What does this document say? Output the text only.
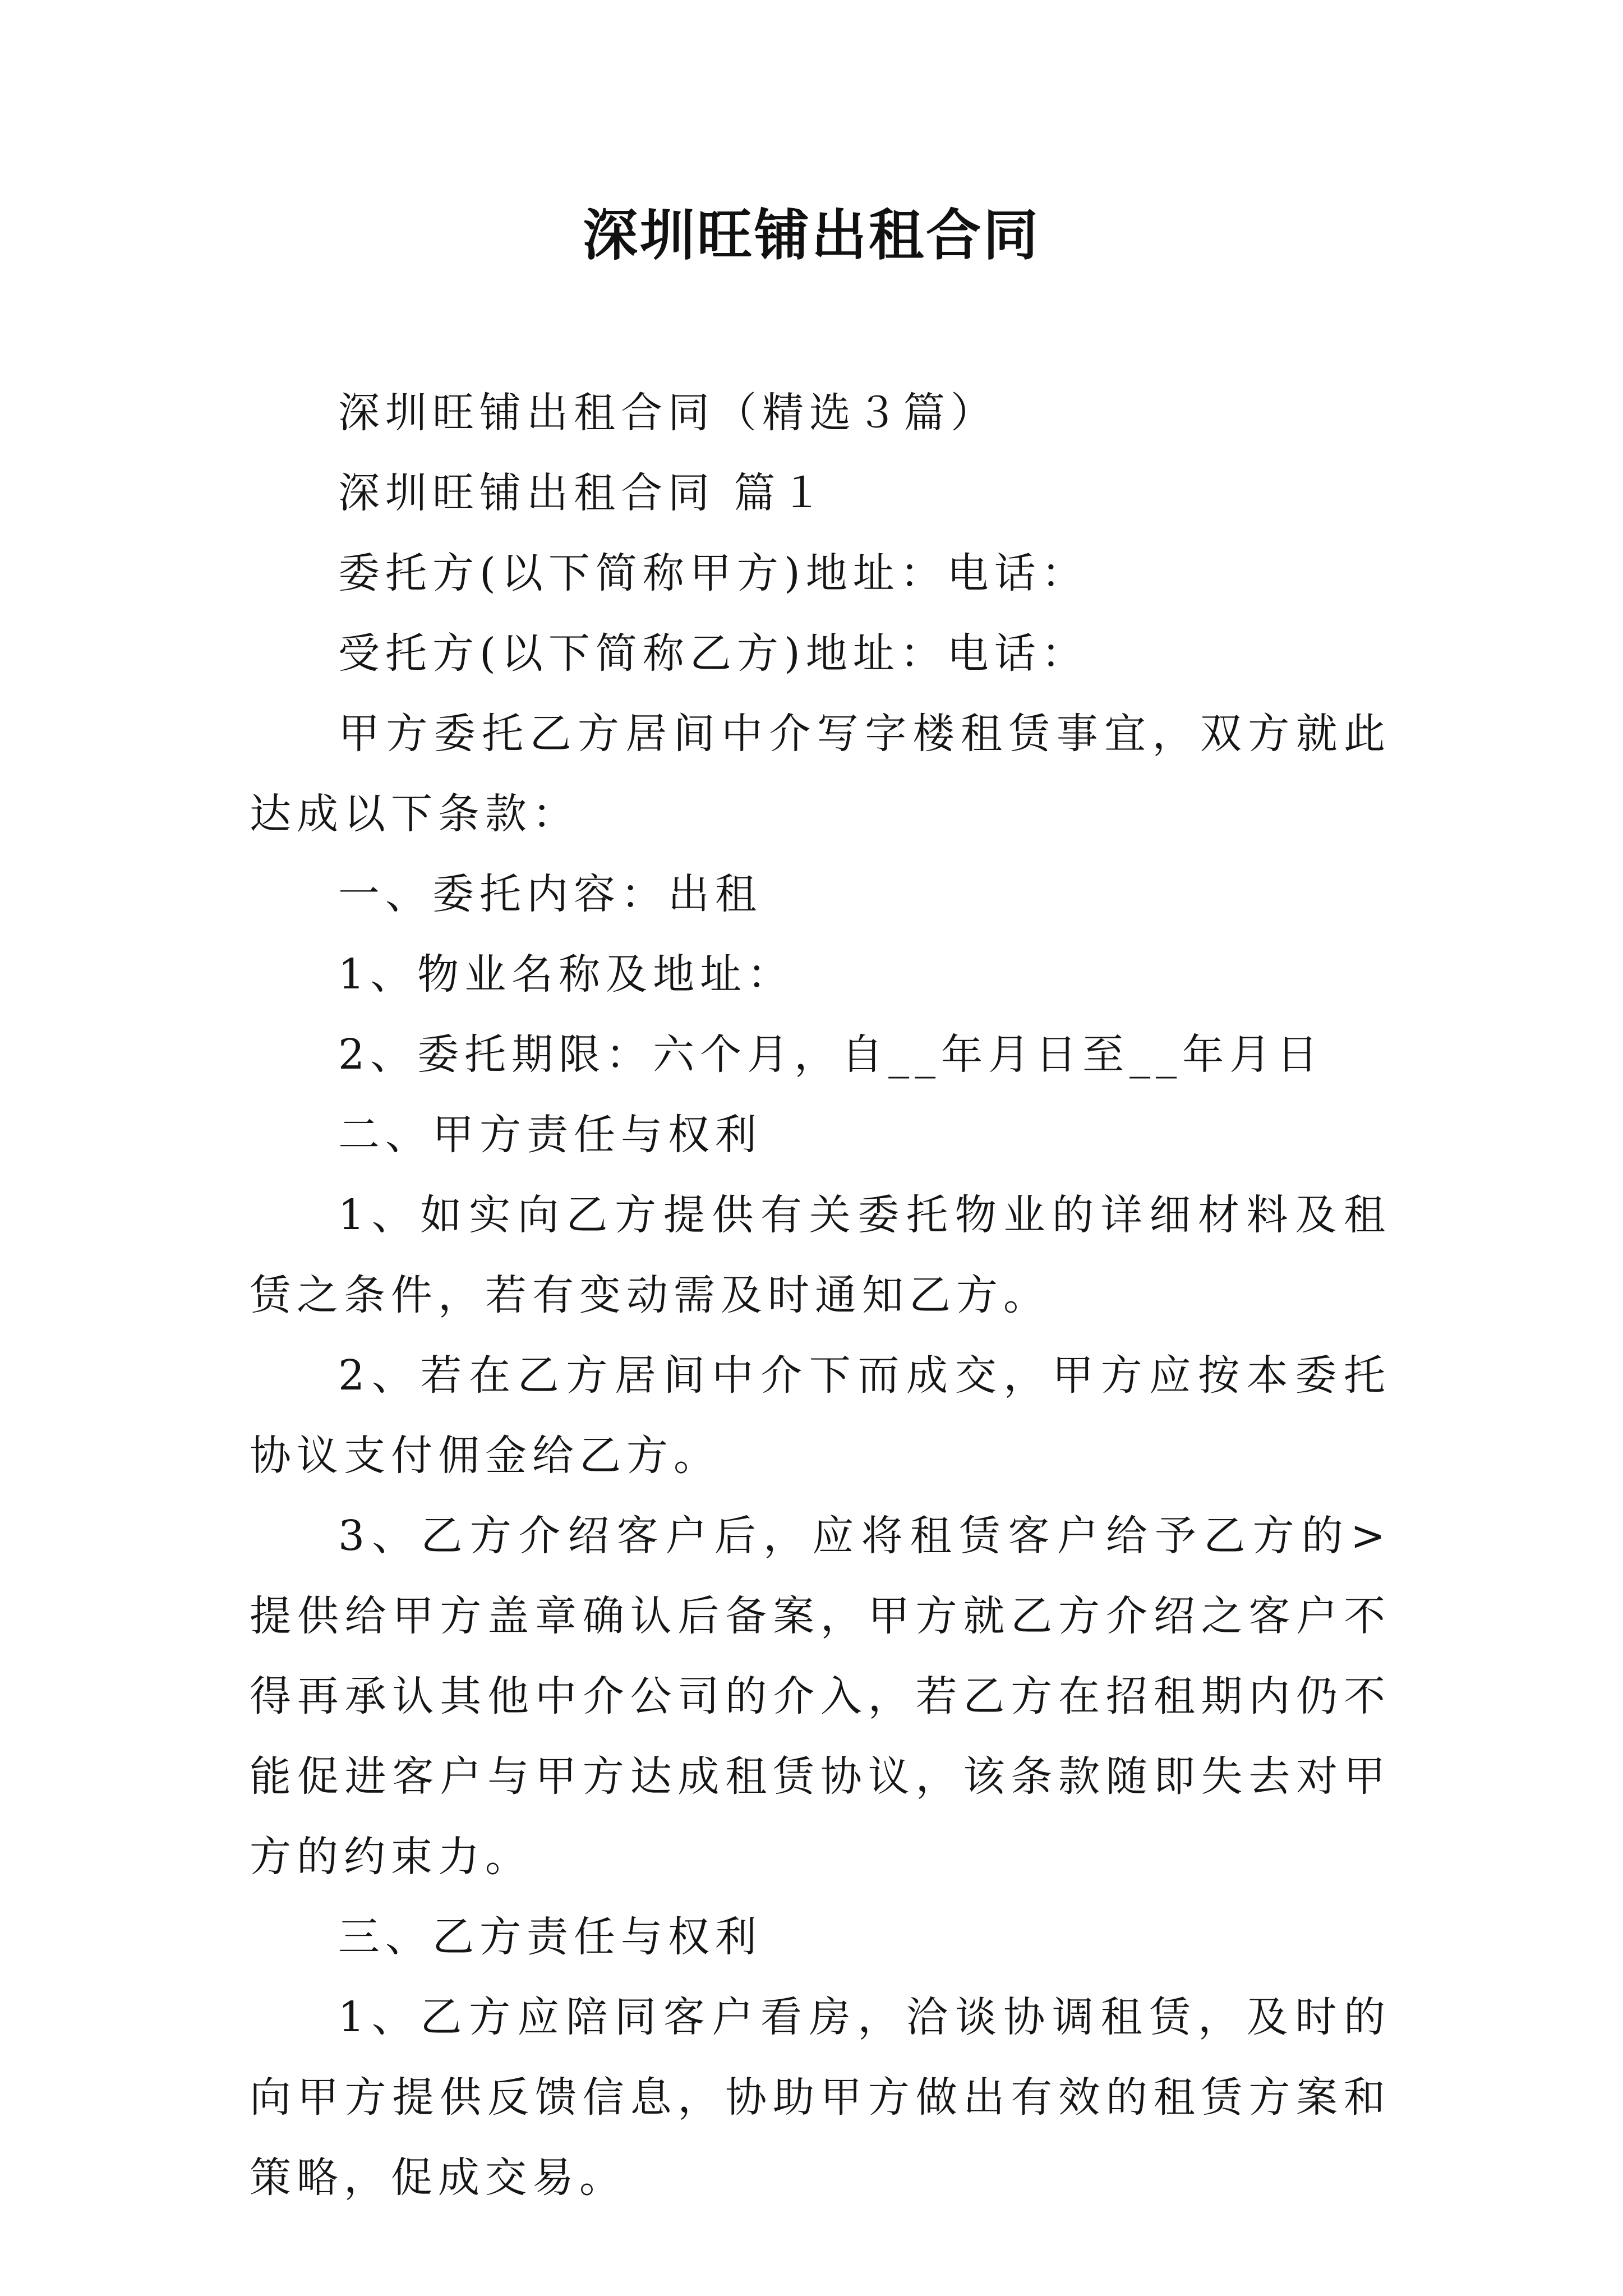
深圳旺铺出租合同

深圳旺铺出租合同（精选３篇）

深圳旺铺出租合同 篇１

委托方(以下简称甲方)地址：电话：

受托方(以下简称乙方)地址：电话：

甲方委托乙方居间中介写字楼租赁事宜，双方就此达成以下条款：

一、委托内容：出租

1、物业名称及地址：

2、委托期限：六个月，自__年月日至__年月日

二、甲方责任与权利

1、如实向乙方提供有关委托物业的详细材料及租赁之条件，若有变动需及时通知乙方。

2、若在乙方居间中介下而成交，甲方应按本委托协议支付佣金给乙方。

3、乙方介绍客户后，应将租赁客户给予乙方的>提供给甲方盖章确认后备案，甲方就乙方介绍之客户不得再承认其他中介公司的介入，若乙方在招租期内仍不能促进客户与甲方达成租赁协议，该条款随即失去对甲方的约束力。

三、乙方责任与权利

1、乙方应陪同客户看房，洽谈协调租赁，及时的向甲方提供反馈信息，协助甲方做出有效的租赁方案和策略，促成交易。
